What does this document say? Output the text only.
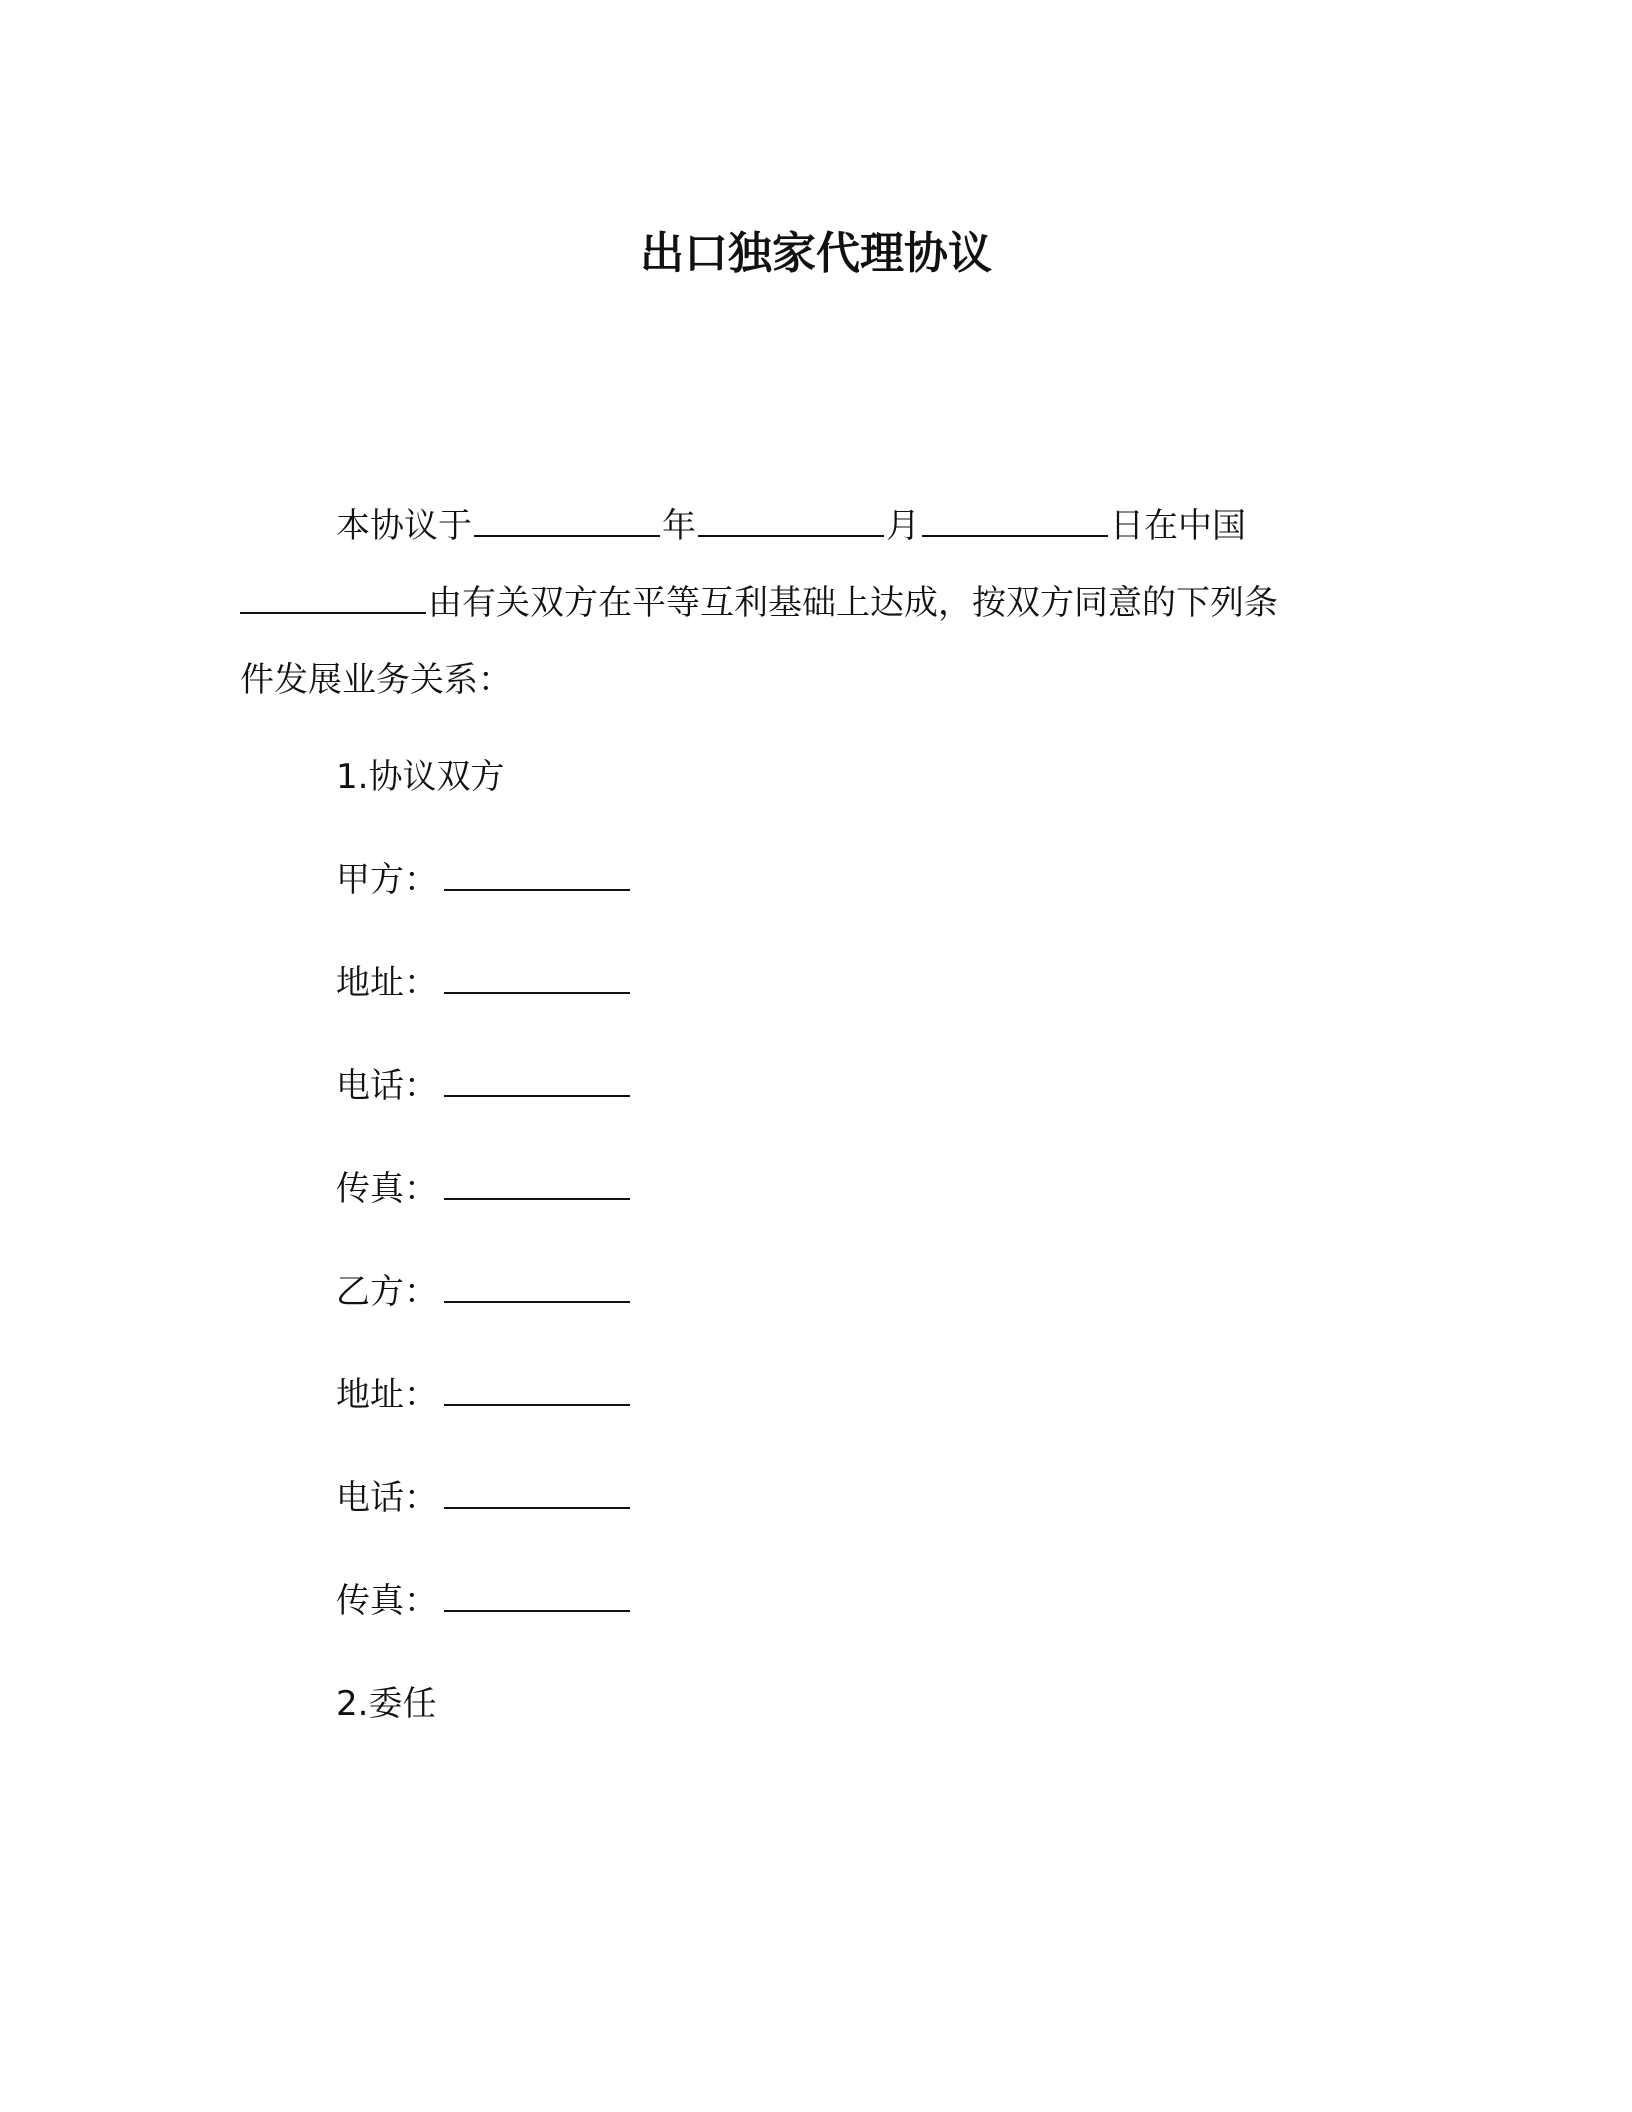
出口独家代理协议
本协议于	年	月	日在中国
由有关双方在平等互利基础上达成，按双方同意的下列条
件发展业务关系：
1.协议双方
甲方：
地址：
电话：
传真：
乙方：
地址：
电话：
传真：
2.委任
